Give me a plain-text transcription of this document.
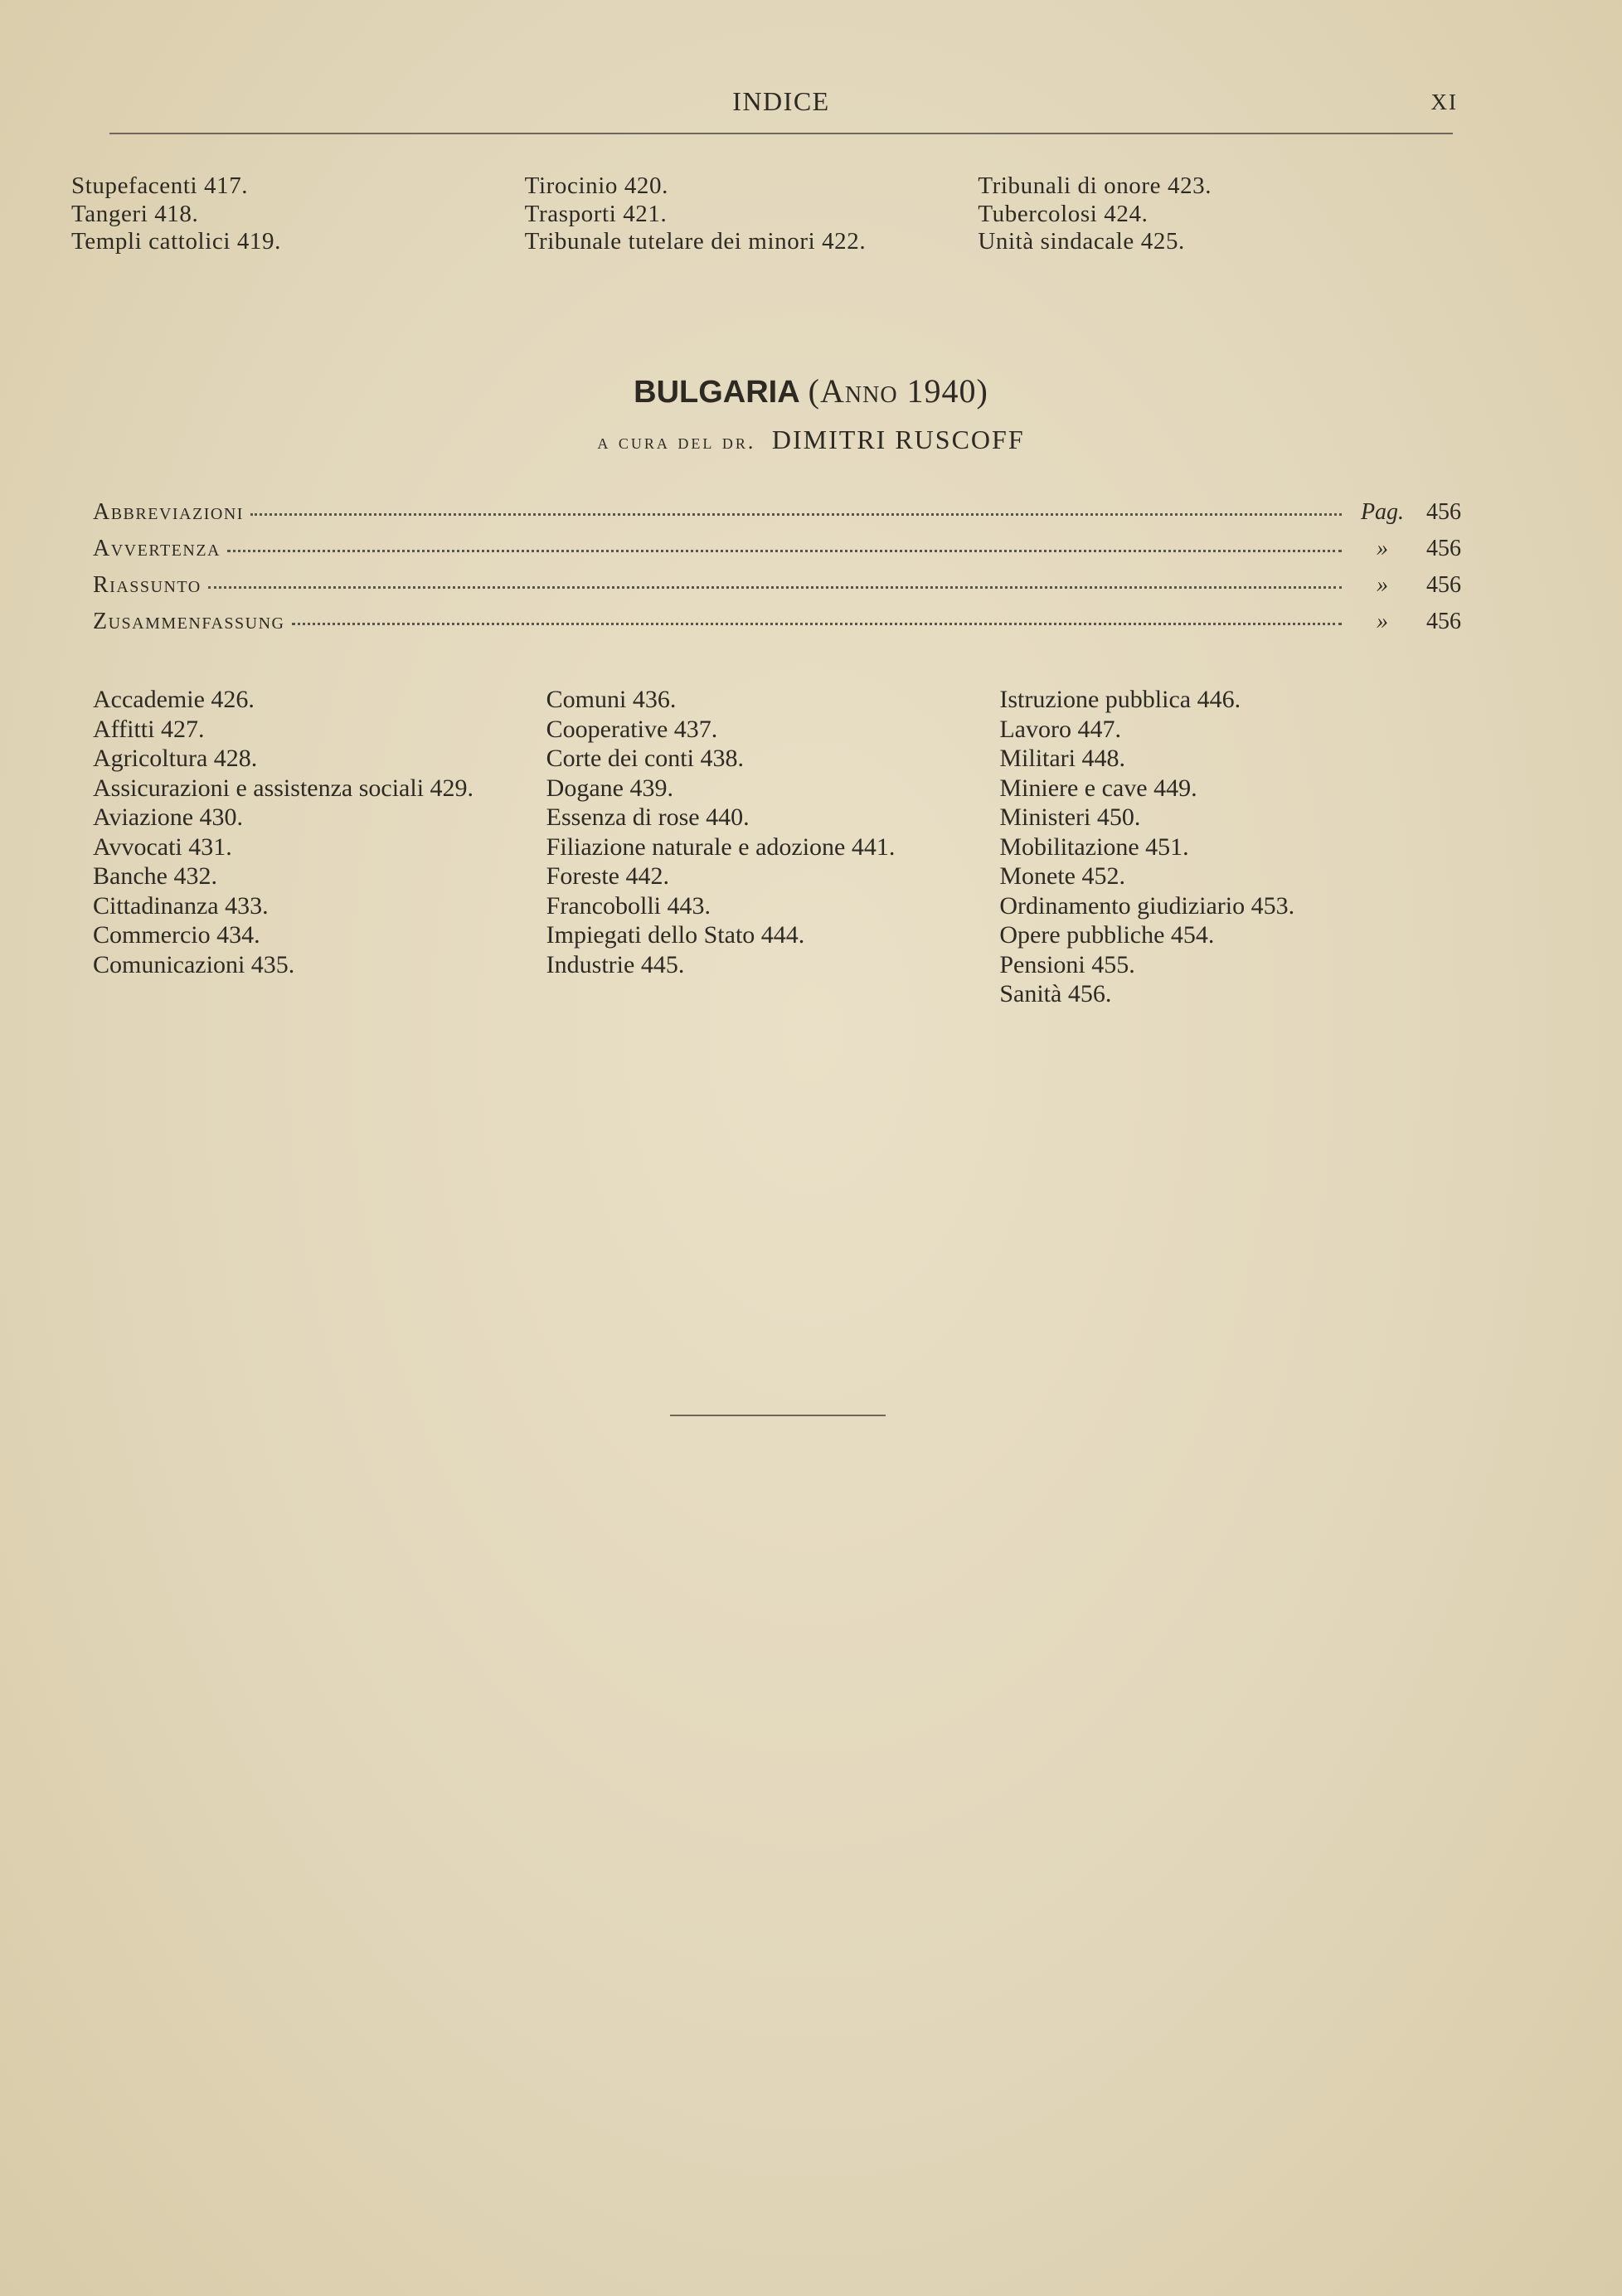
INDICE	XI
Stupefacenti 417.
Tangeri 418.
Templi cattolici 419.
Tirocinio 420.
Trasporti 421.
Tribunale tutelare dei minori 422.
Tribunali di onore 423.
Tubercolosi 424.
Unità sindacale 425.
BULGARIA (Anno 1940)
a cura del dr. DIMITRI RUSCOFF
Abbreviazioni	Pag. 456
Avvertenza	»	456
Riassunto	»	456
Zusammenfassung	»	456
Accademie 426.
Affitti 427.
Agricoltura 428.
Assicurazioni e assistenza sociali 429.
Aviazione 430.
Avvocati 431.
Banche 432.
Cittadinanza 433.
Commercio 434.
Comunicazioni 435.
Comuni 436.
Cooperative 437.
Corte dei conti 438.
Dogane 439.
Essenza di rose 440.
Filiazione naturale e adozione 441.
Foreste 442.
Francobolli 443.
Impiegati dello Stato 444.
Industrie 445.
Istruzione pubblica 446.
Lavoro 447.
Militari 448.
Miniere e cave 449.
Ministeri 450.
Mobilitazione 451.
Monete 452.
Ordinamento giudiziario 453.
Opere pubbliche 454.
Pensioni 455.
Sanità 456.
